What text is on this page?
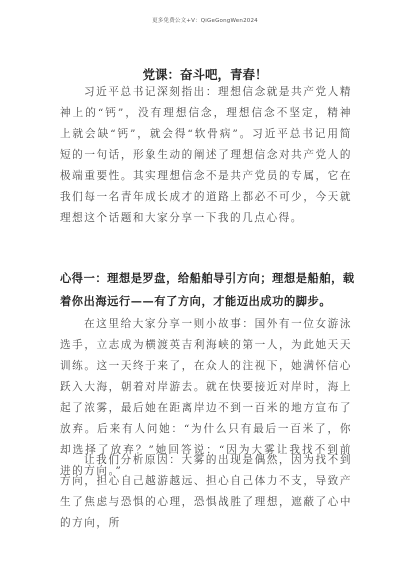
更多免费公文+V：QiGeGongWen2024
党课：奋斗吧，青春！

习近平总书记深刻指出：理想信念就是共产党人精神上的“钙”，没有理想信念，理想信念不坚定，精神上就会缺“钙”，就会得“软骨病”。习近平总书记用简短的一句话，形象生动的阐述了理想信念对共产党人的极端重要性。其实理想信念不是共产党员的专属，它在我们每一名青年成长成才的道路上都必不可少，今天就理想这个话题和大家分享一下我的几点心得。

心得一：理想是罗盘，给船舶导引方向；理想是船舶，载着你出海远行——有了方向，才能迈出成功的脚步。

在这里给大家分享一则小故事：国外有一位女游泳选手，立志成为横渡英吉利海峡的第一人，为此她天天训练。这一天终于来了，在众人的注视下，她满怀信心跃入大海，朝着对岸游去。就在快要接近对岸时，海上起了浓雾，最后她在距离岸边不到一百米的地方宣布了放弃。后来有人问她：“为什么只有最后一百米了，你却选择了放弃？”她回答说：“因为大雾让我找不到前进的方向。”

让我们分析原因：大雾的出现是偶然，因为找不到方向，担心自己越游越远、担心自己体力不支，导致产生了焦虑与恐惧的心理，恐惧战胜了理想，遮蔽了心中的方向，所
